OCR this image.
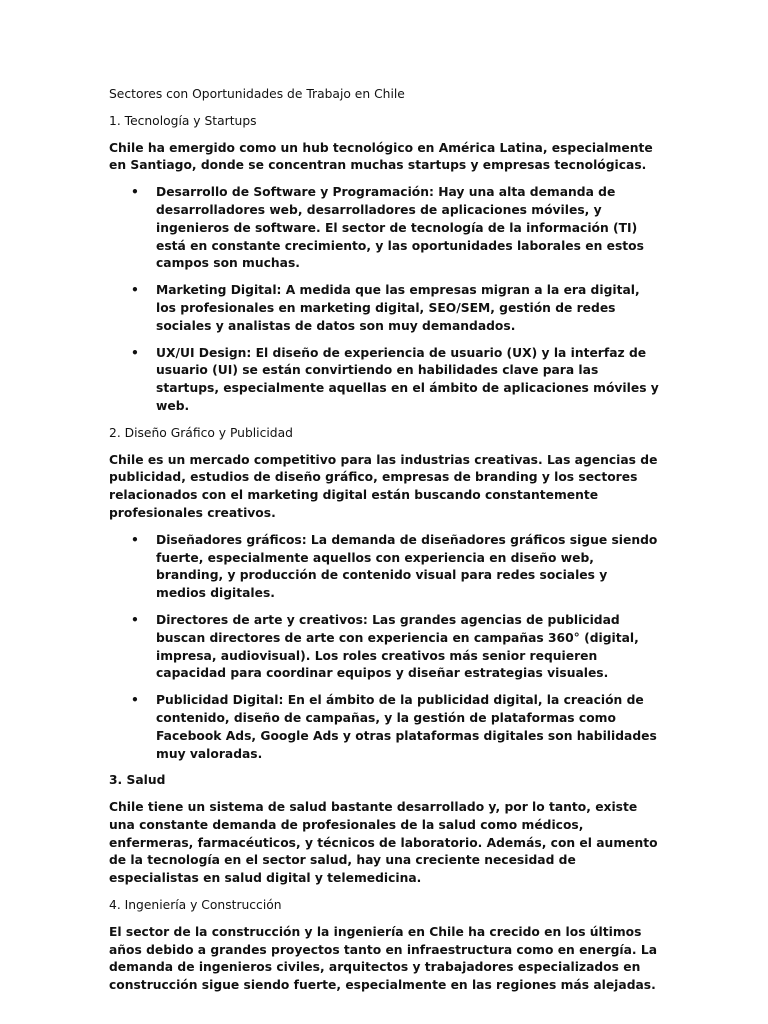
Sectores con Oportunidades de Trabajo en Chile

1. Tecnología y Startups

Chile ha emergido como un hub tecnológico en América Latina, especialmente en Santiago, donde se concentran muchas startups y empresas tecnológicas.

• Desarrollo de Software y Programación: Hay una alta demanda de desarrolladores web, desarrolladores de aplicaciones móviles, y ingenieros de software. El sector de tecnología de la información (TI) está en constante crecimiento, y las oportunidades laborales en estos campos son muchas.
• Marketing Digital: A medida que las empresas migran a la era digital, los profesionales en marketing digital, SEO/SEM, gestión de redes sociales y analistas de datos son muy demandados.
• UX/UI Design: El diseño de experiencia de usuario (UX) y la interfaz de usuario (UI) se están convirtiendo en habilidades clave para las startups, especialmente aquellas en el ámbito de aplicaciones móviles y web.

2. Diseño Gráfico y Publicidad

Chile es un mercado competitivo para las industrias creativas. Las agencias de publicidad, estudios de diseño gráfico, empresas de branding y los sectores relacionados con el marketing digital están buscando constantemente profesionales creativos.

• Diseñadores gráficos: La demanda de diseñadores gráficos sigue siendo fuerte, especialmente aquellos con experiencia en diseño web, branding, y producción de contenido visual para redes sociales y medios digitales.
• Directores de arte y creativos: Las grandes agencias de publicidad buscan directores de arte con experiencia en campañas 360° (digital, impresa, audiovisual). Los roles creativos más senior requieren capacidad para coordinar equipos y diseñar estrategias visuales.
• Publicidad Digital: En el ámbito de la publicidad digital, la creación de contenido, diseño de campañas, y la gestión de plataformas como Facebook Ads, Google Ads y otras plataformas digitales son habilidades muy valoradas.

3. Salud

Chile tiene un sistema de salud bastante desarrollado y, por lo tanto, existe una constante demanda de profesionales de la salud como médicos, enfermeras, farmacéuticos, y técnicos de laboratorio. Además, con el aumento de la tecnología en el sector salud, hay una creciente necesidad de especialistas en salud digital y telemedicina.

4. Ingeniería y Construcción

El sector de la construcción y la ingeniería en Chile ha crecido en los últimos años debido a grandes proyectos tanto en infraestructura como en energía. La demanda de ingenieros civiles, arquitectos y trabajadores especializados en construcción sigue siendo fuerte, especialmente en las regiones más alejadas.
